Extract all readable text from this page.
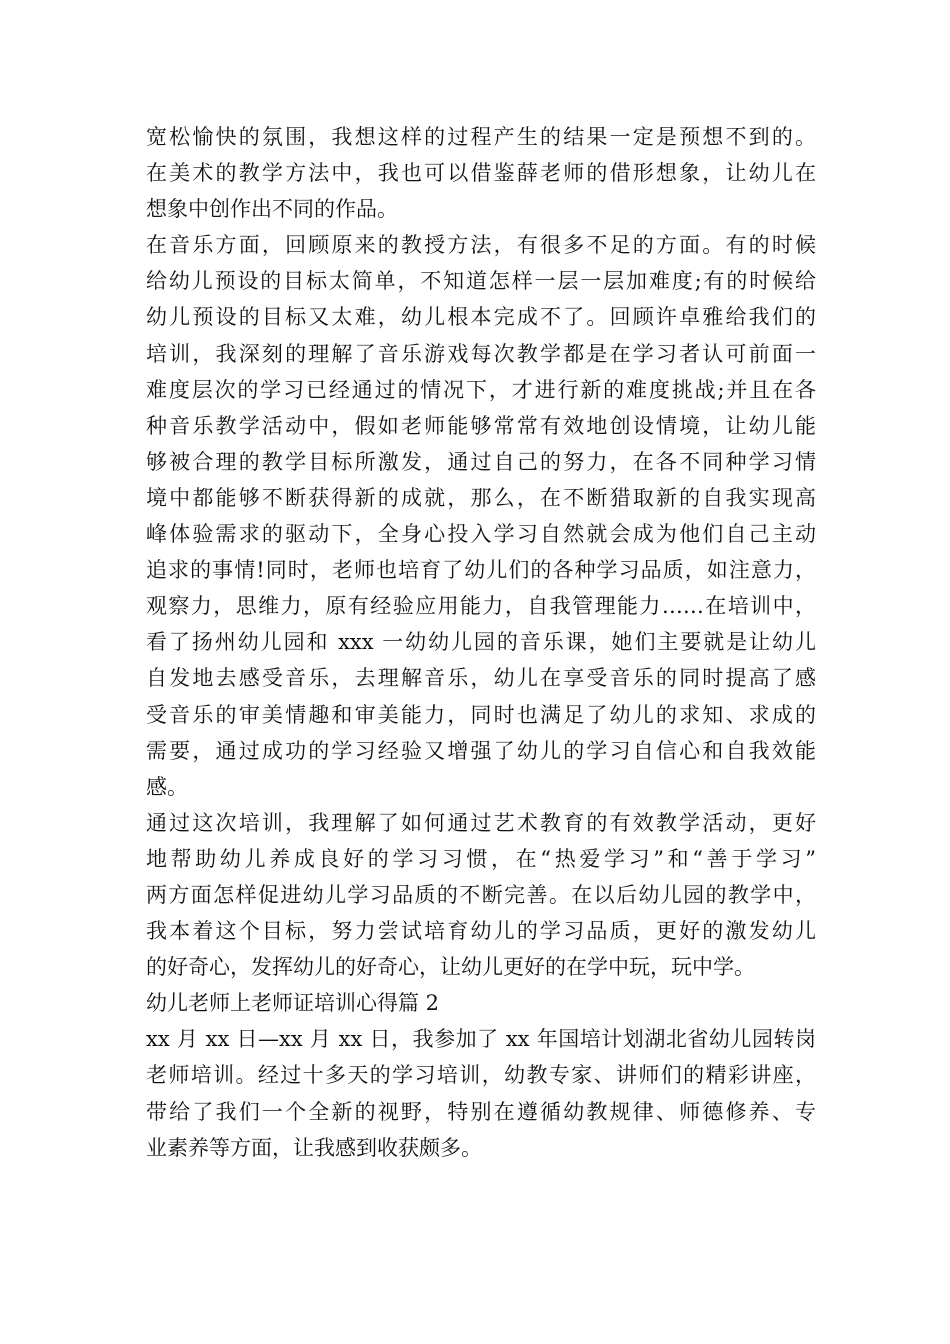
宽松愉快的氛围，我想这样的过程产生的结果一定是预想不到的。
在美术的教学方法中，我也可以借鉴薛老师的借形想象，让幼儿在
想象中创作出不同的作品。
在音乐方面，回顾原来的教授方法，有很多不足的方面。有的时候
给幼儿预设的目标太简单，不知道怎样一层一层加难度;有的时候给
幼儿预设的目标又太难，幼儿根本完成不了。回顾许卓雅给我们的
培训，我深刻的理解了音乐游戏每次教学都是在学习者认可前面一
难度层次的学习已经通过的情况下，才进行新的难度挑战;并且在各
种音乐教学活动中，假如老师能够常常有效地创设情境，让幼儿能
够被合理的教学目标所激发，通过自己的努力，在各不同种学习情
境中都能够不断获得新的成就，那么，在不断猎取新的自我实现高
峰体验需求的驱动下，全身心投入学习自然就会成为他们自己主动
追求的事情!同时，老师也培育了幼儿们的各种学习品质，如注意力，
观察力，思维力，原有经验应用能力，自我管理能力……在培训中，
看了扬州幼儿园和 xxx 一幼幼儿园的音乐课，她们主要就是让幼儿
自发地去感受音乐，去理解音乐，幼儿在享受音乐的同时提高了感
受音乐的审美情趣和审美能力，同时也满足了幼儿的求知、求成的
需要，通过成功的学习经验又增强了幼儿的学习自信心和自我效能
感。
通过这次培训，我理解了如何通过艺术教育的有效教学活动，更好
地帮助幼儿养成良好的学习习惯，在“热爱学习”和“善于学习”
两方面怎样促进幼儿学习品质的不断完善。在以后幼儿园的教学中，
我本着这个目标，努力尝试培育幼儿的学习品质，更好的激发幼儿
的好奇心，发挥幼儿的好奇心，让幼儿更好的在学中玩，玩中学。
幼儿老师上老师证培训心得篇 2
xx 月 xx 日—xx 月 xx 日，我参加了 xx 年国培计划湖北省幼儿园转岗
老师培训。经过十多天的学习培训，幼教专家、讲师们的精彩讲座，
带给了我们一个全新的视野，特别在遵循幼教规律、师德修养、专
业素养等方面，让我感到收获颇多。
